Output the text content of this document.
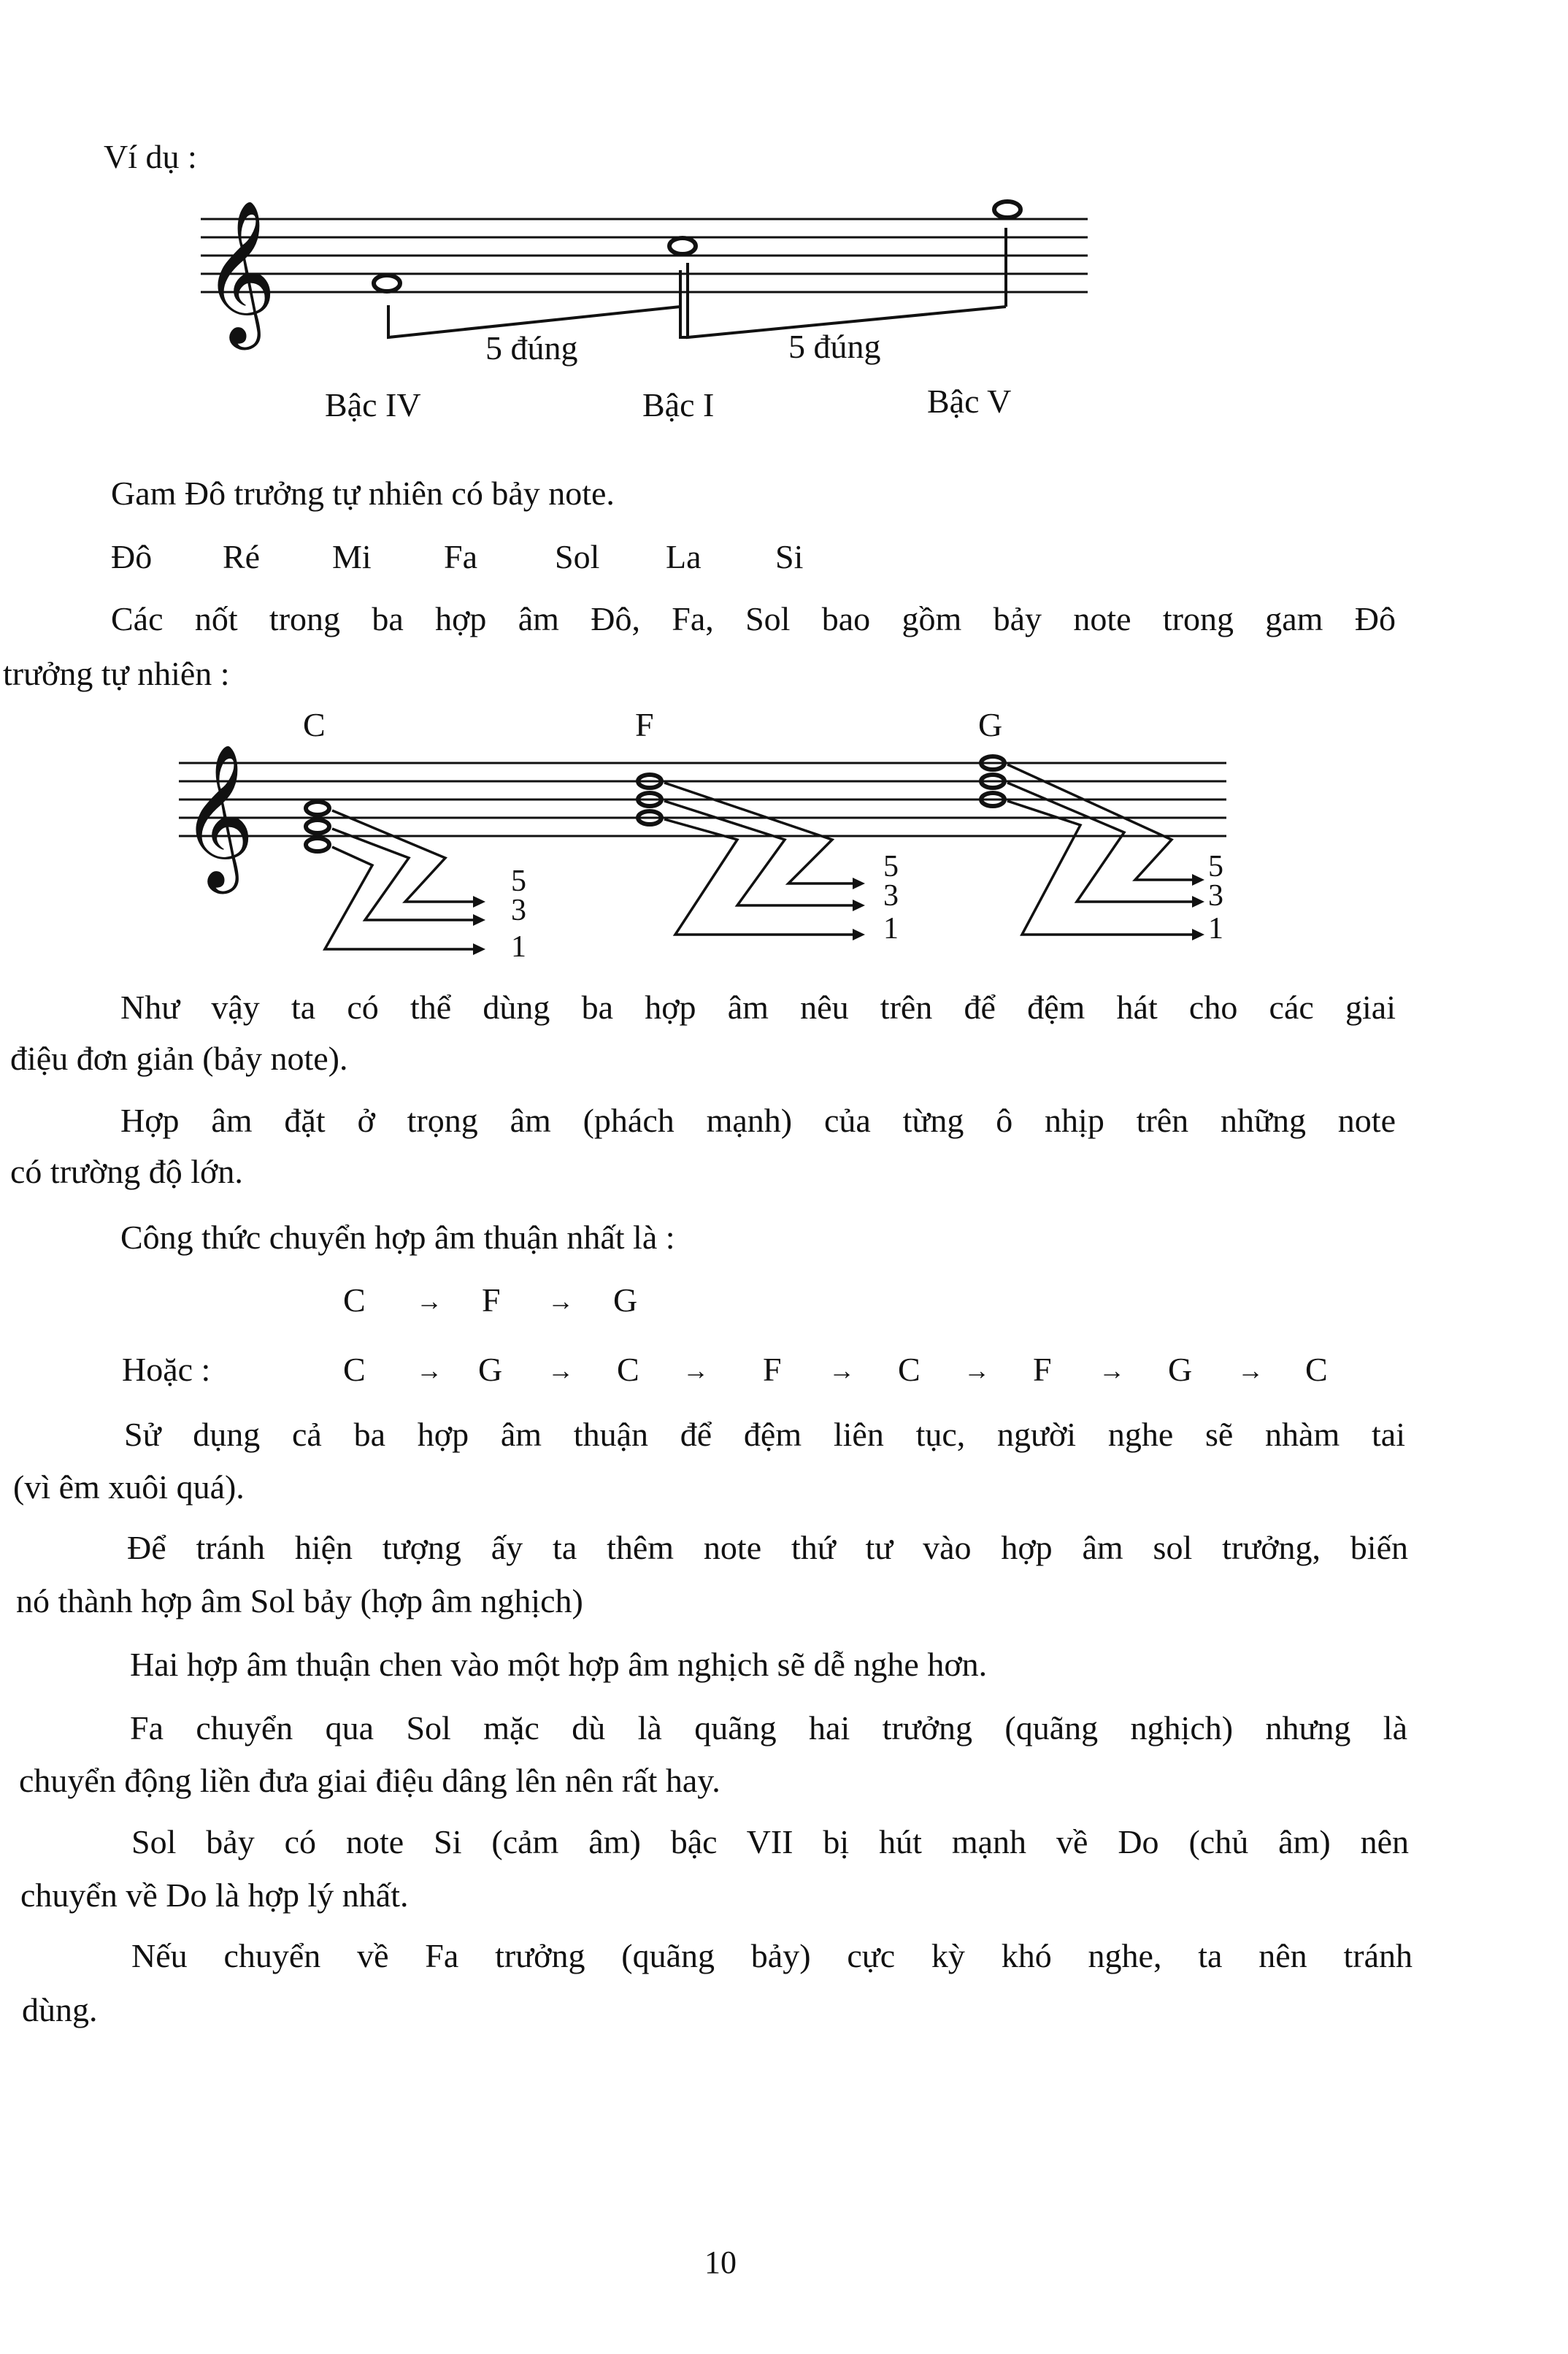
Ví dụ :
𝄞
5 đúng	5 đúng
Bậc IV	Bậc I	Bậc V
Gam Đô trưởng tự nhiên có bảy note.
Đô Ré Mi Fa Sol La Si
Các nốt trong ba hợp âm Đô, Fa, Sol bao gồm bảy note trong gam Đô
trưởng tự nhiên :
C	F	G
𝄞	5
3
1
5
3
1
5
3
1
Như vậy ta có thể dùng ba hợp âm nêu trên để đệm hát cho các giai
điệu đơn giản (bảy note).
Hợp âm đặt ở trọng âm (phách mạnh) của từng ô nhịp trên những note
có trường độ lớn.
Công thức chuyển hợp âm thuận nhất là :
C → F → G
Hoặc :	C → G → C → F → C → F → G → C
Sử dụng cả ba hợp âm thuận để đệm liên tục, người nghe sẽ nhàm tai
(vì êm xuôi quá).
Để tránh hiện tượng ấy ta thêm note thứ tư vào hợp âm sol trưởng, biến
nó thành hợp âm Sol bảy (hợp âm nghịch)
Hai hợp âm thuận chen vào một hợp âm nghịch sẽ dễ nghe hơn.
Fa chuyển qua Sol mặc dù là quãng hai trưởng (quãng nghịch) nhưng là
chuyển động liền đưa giai điệu dâng lên nên rất hay.
Sol bảy có note Si (cảm âm) bậc VII bị hút mạnh về Do (chủ âm) nên
chuyển về Do là hợp lý nhất.
Nếu chuyển về Fa trưởng (quãng bảy) cực kỳ khó nghe, ta nên tránh
dùng.
10
